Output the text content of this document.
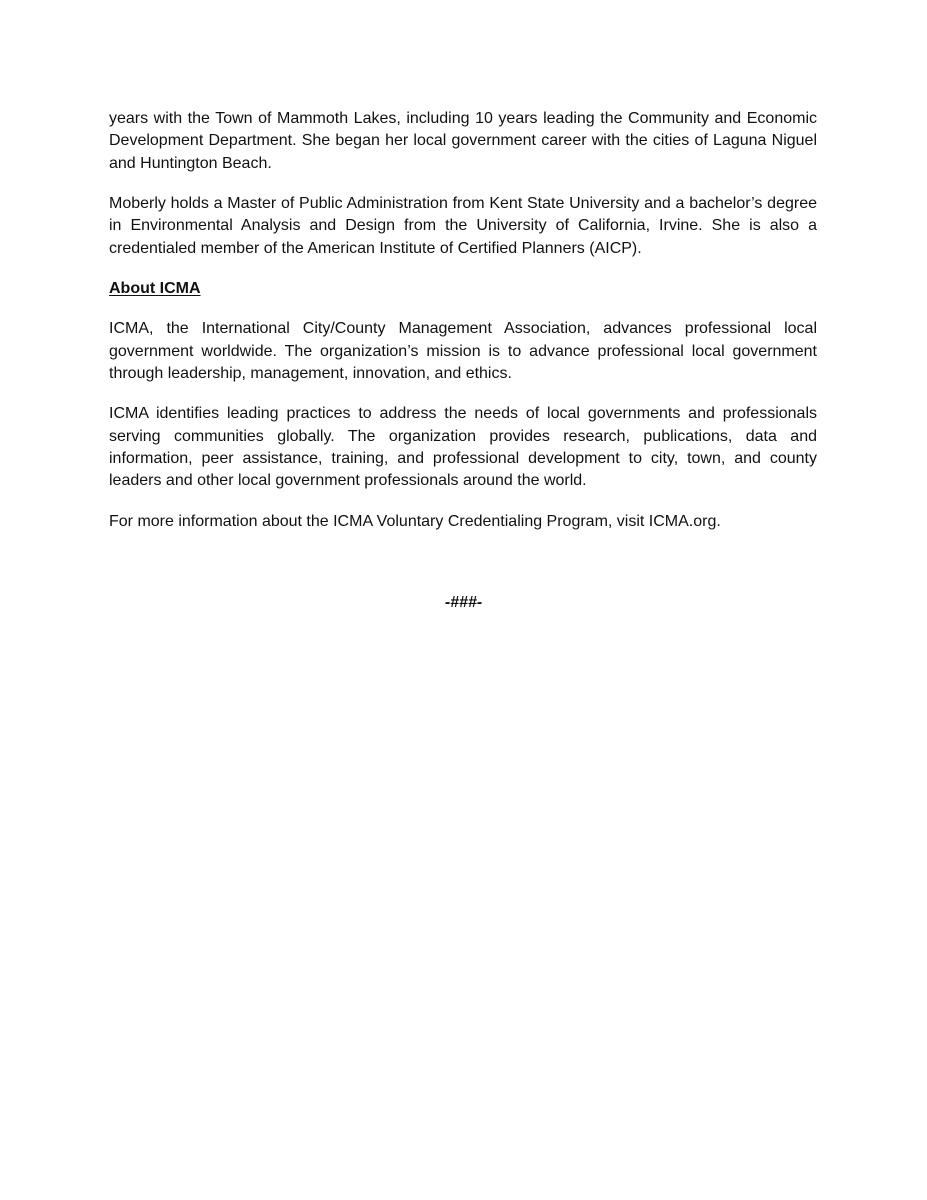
years with the Town of Mammoth Lakes, including 10 years leading the Community and Economic Development Department. She began her local government career with the cities of Laguna Niguel and Huntington Beach.

Moberly holds a Master of Public Administration from Kent State University and a bachelor’s degree in Environmental Analysis and Design from the University of California, Irvine. She is also a credentialed member of the American Institute of Certified Planners (AICP).

About ICMA

ICMA, the International City/County Management Association, advances professional local government worldwide. The organization’s mission is to advance professional local government through leadership, management, innovation, and ethics.

ICMA identifies leading practices to address the needs of local governments and professionals serving communities globally. The organization provides research, publications, data and information, peer assistance, training, and professional development to city, town, and county leaders and other local government professionals around the world.

For more information about the ICMA Voluntary Credentialing Program, visit ICMA.org.

-###-
